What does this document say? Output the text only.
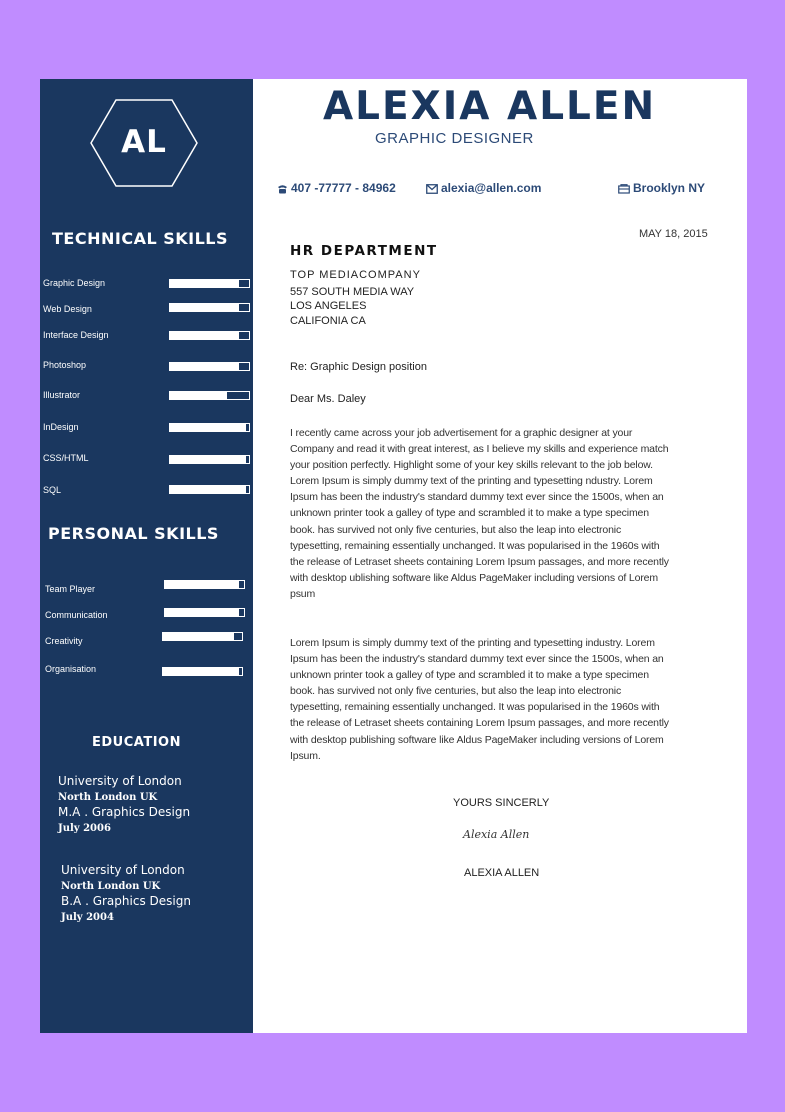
AL
TECHNICAL SKILLS
Graphic Design
Web Design
Interface Design
Photoshop
Illustrator
InDesign
CSS/HTML
SQL
PERSONAL SKILLS
Team Player
Communication
Creativity
Organisation
EDUCATION
University of London
North London UK
M.A . Graphics Design
July 2006
University of London
North London UK
B.A . Graphics Design
July 2004
ALEXIA ALLEN
GRAPHIC DESIGNER
407 -77777 - 84962	alexia@allen.com	Brooklyn NY
MAY 18, 2015
HR DEPARTMENT
TOP MEDIACOMPANY
557 SOUTH MEDIA WAY
LOS ANGELES
CALIFONIA CA
Re: Graphic Design position
Dear Ms. Daley
I recently came across your job advertisement for a graphic designer at your
Company and read it with great interest, as I believe my skills and experience match
your position perfectly. Highlight some of your key skills relevant to the job below.
Lorem Ipsum is simply dummy text of the printing and typesetting ndustry. Lorem
Ipsum has been the industry's standard dummy text ever since the 1500s, when an
unknown printer took a galley of type and scrambled it to make a type specimen
book. has survived not only five centuries, but also the leap into electronic
typesetting, remaining essentially unchanged. It was popularised in the 1960s with
the release of Letraset sheets containing Lorem Ipsum passages, and more recently
with desktop ublishing software like Aldus PageMaker including versions of Lorem
psum
Lorem Ipsum is simply dummy text of the printing and typesetting industry. Lorem
Ipsum has been the industry's standard dummy text ever since the 1500s, when an
unknown printer took a galley of type and scrambled it to make a type specimen
book. has survived not only five centuries, but also the leap into electronic
typesetting, remaining essentially unchanged. It was popularised in the 1960s with
the release of Letraset sheets containing Lorem Ipsum passages, and more recently
with desktop publishing software like Aldus PageMaker including versions of Lorem
Ipsum.
YOURS SINCERLY
Alexia Allen
ALEXIA ALLEN
